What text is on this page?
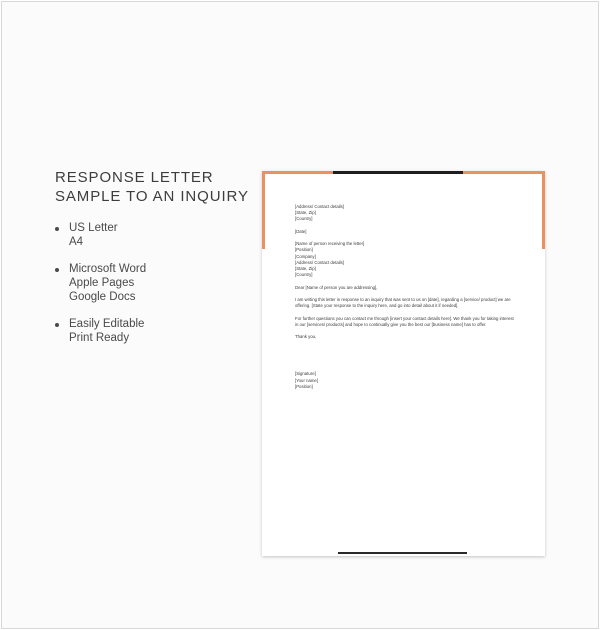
RESPONSE LETTER
SAMPLE TO AN INQUIRY
US Letter
A4
Microsoft Word
Apple Pages
Google Docs
Easily Editable
Print Ready
[Address/ Contact details]
[State, Zip]
[Country]
[Date]
[Name of person receiving the letter]
[Position]
[Company]
[Address/ Contact details]
[State, Zip]
[Country]
Dear [Name of person you are addressing],
I am writing this letter in response to an inquiry that was sent to us on [date], regarding a [service/ product] we are offering. [State your response to the inquiry here, and go into detail about it if needed].
For further questions you can contact me through [insert your contact details here]. We thank you for taking interest in our [services/ products] and hope to continually give you the best our [business name] has to offer.
Thank you,
[Signature]
[Your name]
[Position]
